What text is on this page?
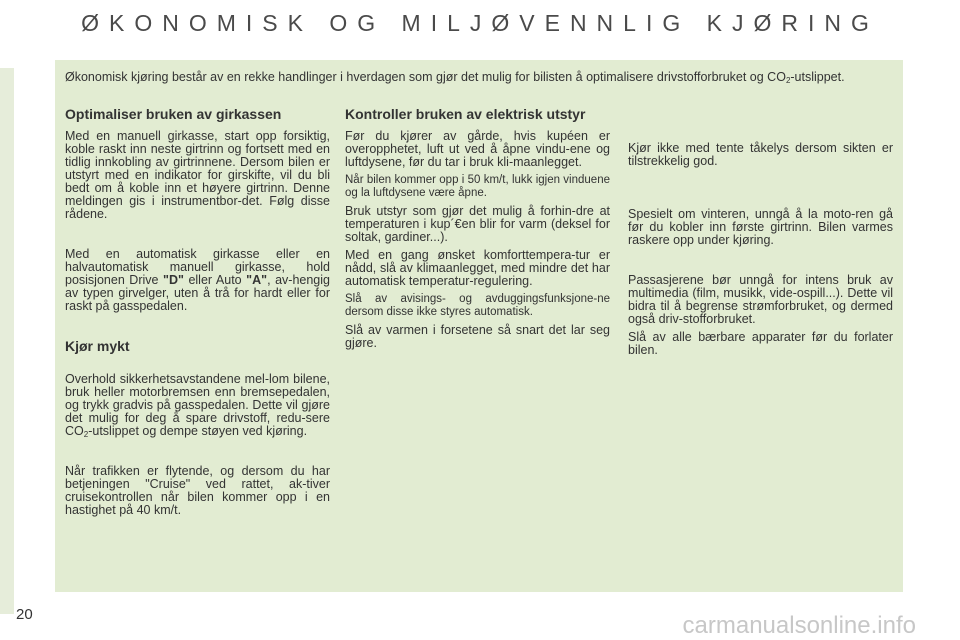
ØKONOMISK OG MILJØVENNLIG KJØRING
Økonomisk kjøring består av en rekke handlinger i hverdagen som gjør det mulig for bilisten å optimalisere drivstofforbruket og $CO_2$-utslippet.
Optimaliser bruken av girkassen

Med en manuell girkasse, start opp forsiktig, koble raskt inn neste girtrinn og fortsett med en tidlig innkobling av girtrinnene. Dersom bilen er utstyrt med en indikator for girskifte, vil du bli bedt om å koble inn et høyere girtrinn. Denne meldingen gis i instrumentbor-det. Følg disse rådene.

Med en automatisk girkasse eller en halvautomatisk manuell girkasse, hold posisjonen Drive "D" eller Auto "A", av-hengig av typen girvelger, uten å trå for hardt eller for raskt på gasspedalen.

Kjør mykt

Overhold sikkerhetsavstandene mel-lom bilene, bruk heller motorbremsen enn bremsepedalen, og trykk gradvis på gasspedalen. Dette vil gjøre det mulig for deg å spare drivstoff, redu-sere $CO_2$-utslippet og dempe støyen ved kjøring.

Når trafikken er flytende, og dersom du har betjeningen "Cruise" ved rattet, ak-tiver cruisekontrollen når bilen kommer opp i en hastighet på 40 km/t.

Kontroller bruken av elektrisk utstyr

Før du kjører av gårde, hvis kupéen er overopphetet, luft ut ved å åpne vindu-ene og luftdysene, før du tar i bruk kli-maanlegget.

Når bilen kommer opp i 50 km/t, lukk igjen vinduene og la luftdysene være åpne.

Bruk utstyr som gjør det mulig å forhin-dre at temperaturen i kup´€en blir for varm (deksel for soltak, gardiner...).

Med en gang ønsket komforttempera-tur er nådd, slå av klimaanlegget, med mindre det har automatisk temperatur-regulering.

Slå av avisings- og avduggingsfunksjone-ne dersom disse ikke styres automatisk.

Slå av varmen i forsetene så snart det lar seg gjøre.

Kjør ikke med tente tåkelys dersom sikten er tilstrekkelig god.

Spesielt om vinteren, unngå å la moto-ren gå før du kobler inn første girtrinn. Bilen varmes raskere opp under kjøring.

Passasjerene bør unngå for intens bruk av multimedia (film, musikk, vide-ospill...). Dette vil bidra til å begrense strømforbruket, og dermed også driv-stofforbruket.

Slå av alle bærbare apparater før du forlater bilen.

20	carmanualsonline.info
